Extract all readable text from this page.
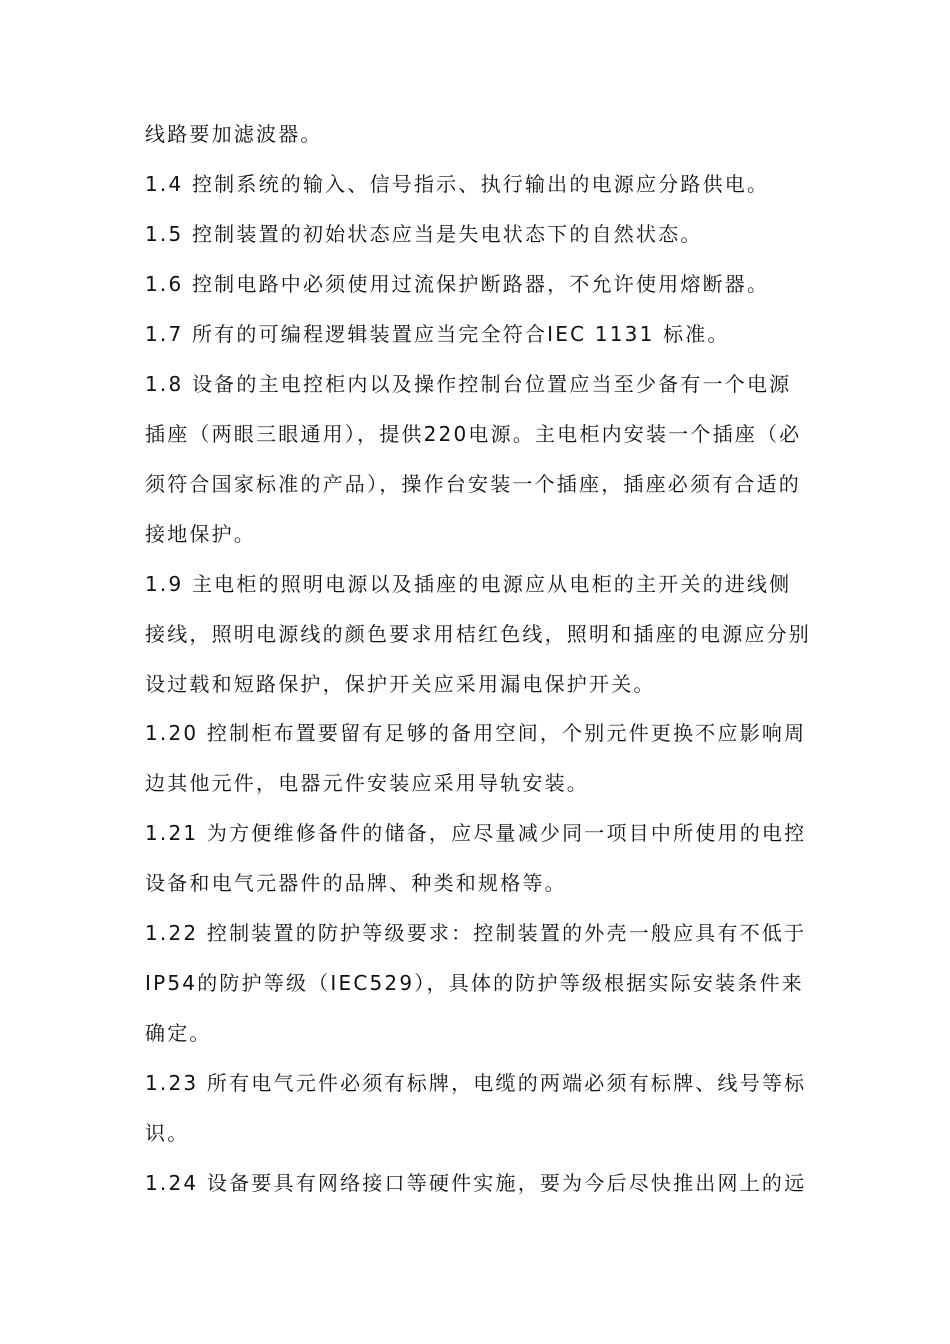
线路要加滤波器。
1.4 控制系统的输入、信号指示、执行输出的电源应分路供电。
1.5 控制装置的初始状态应当是失电状态下的自然状态。
1.6 控制电路中必须使用过流保护断路器，不允许使用熔断器。
1.7 所有的可编程逻辑装置应当完全符合IEC 1131 标准。
1.8 设备的主电控柜内以及操作控制台位置应当至少备有一个电源
插座（两眼三眼通用），提供220电源。主电柜内安装一个插座（必
须符合国家标准的产品），操作台安装一个插座，插座必须有合适的
接地保护。
1.9 主电柜的照明电源以及插座的电源应从电柜的主开关的进线侧
接线，照明电源线的颜色要求用桔红色线，照明和插座的电源应分别
设过载和短路保护，保护开关应采用漏电保护开关。
1.20 控制柜布置要留有足够的备用空间，个别元件更换不应影响周
边其他元件，电器元件安装应采用导轨安装。
1.21 为方便维修备件的储备，应尽量减少同一项目中所使用的电控
设备和电气元器件的品牌、种类和规格等。
1.22 控制装置的防护等级要求：控制装置的外壳一般应具有不低于
IP54的防护等级（IEC529），具体的防护等级根据实际安装条件来
确定。
1.23 所有电气元件必须有标牌，电缆的两端必须有标牌、线号等标
识。
1.24 设备要具有网络接口等硬件实施，要为今后尽快推出网上的远
